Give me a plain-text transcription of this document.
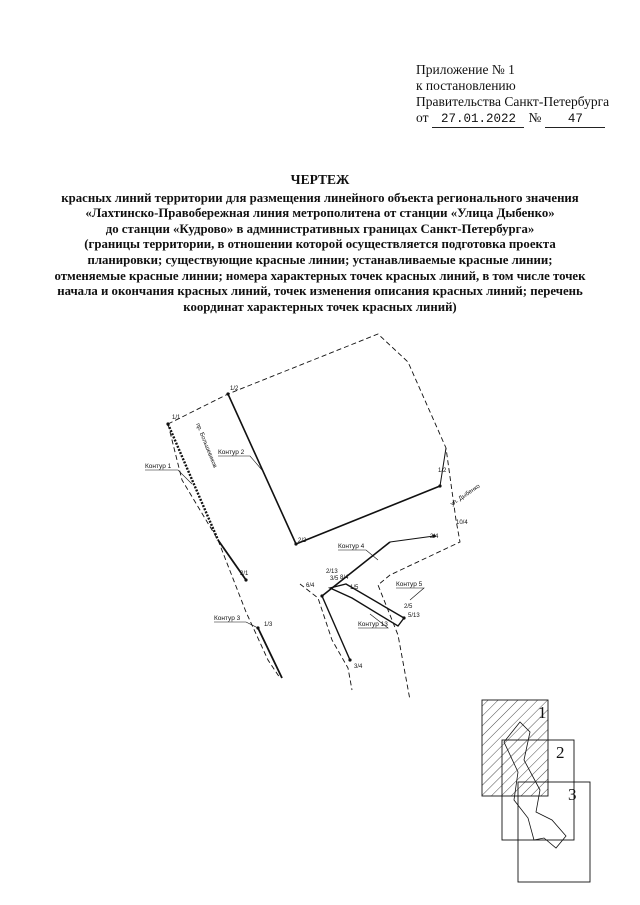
Приложение № 1
к постановлению
Правительства Санкт-Петербурга
от 27.01.2022 № 47
ЧЕРТЕЖ
красных линий территории для размещения линейного объекта регионального значения
«Лахтинско-Правобережная линия метрополитена от станции «Улица Дыбенко»
до станции «Кудрово» в административных границах Санкт-Петербурга»
(границы территории, в отношении которой осуществляется подготовка проекта
планировки; существующие красные линии; устанавливаемые красные линии;
отменяемые красные линии; номера характерных точек красных линий, в том числе точек
начала и окончания красных линий, точек изменения описания красных линий; перечень
координат характерных точек красных линий)
пр. Большевиков
ул. Дыбенко
Контур 1
Контур 2
Контур 3
Контур 4
Контур 5
Контур 13
1/1
1/2
2/1
1/3
1/2
2/2
10/4
2/4
2/13
3/5 8/4
1/5
6/4
2/5
5/13
3/4
1
2
3
